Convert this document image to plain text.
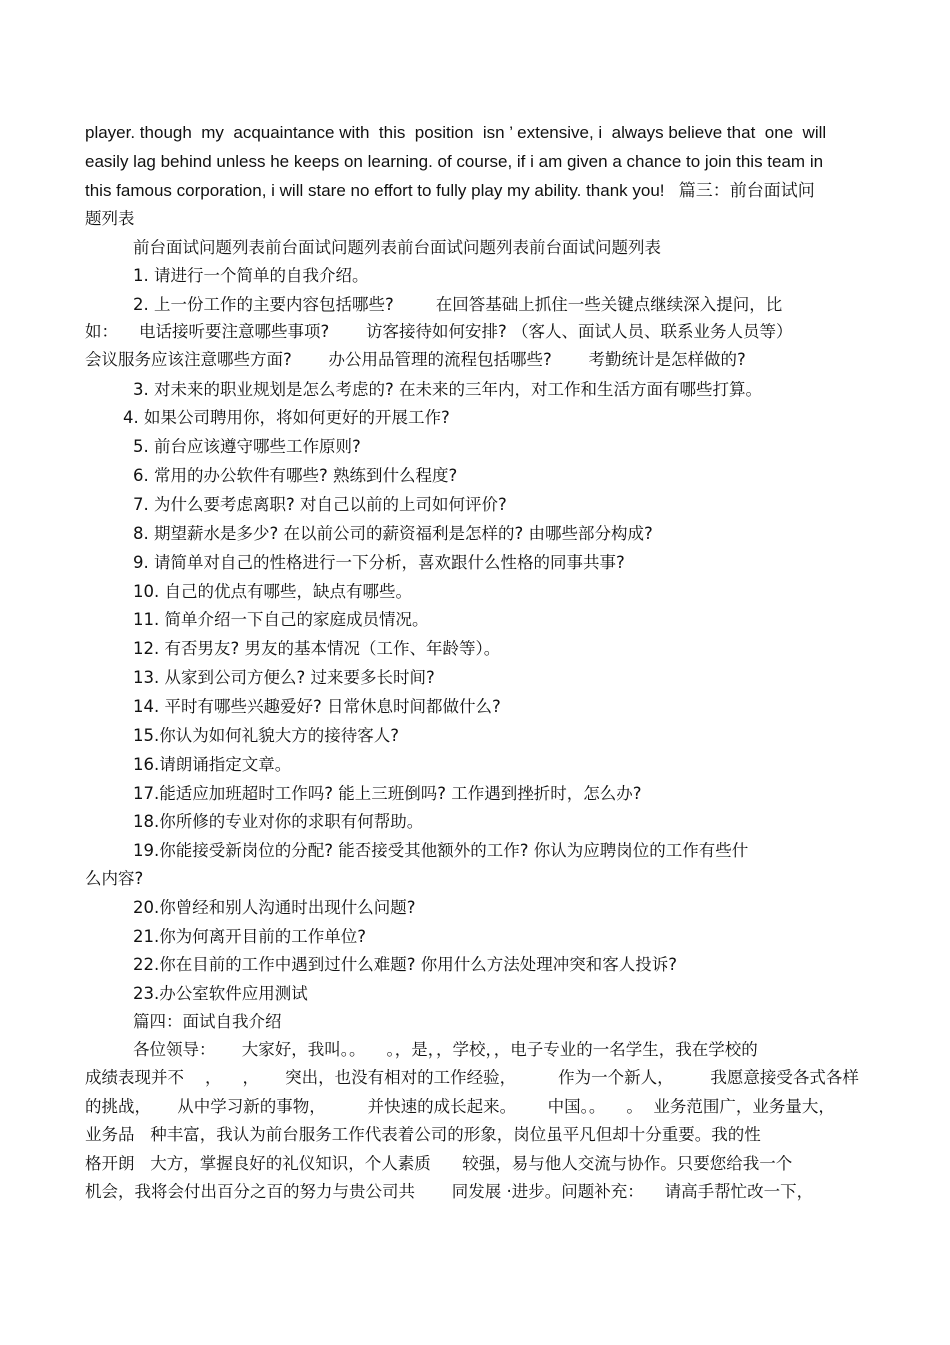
player. though  my  acquaintance with  this  position  isn ’ extensive, i  always believe that  one  will
easily lag behind unless he keeps on learning. of course, if i am given a chance to join this team in
this famous corporation, i will stare no effort to fully play my ability. thank you!   篇三：前台面试问
题列表
前台面试问题列表前台面试问题列表前台面试问题列表前台面试问题列表
1. 请进行一个简单的自我介绍。
2. 上一份工作的主要内容包括哪些?        在回答基础上抓住一些关键点继续深入提问，比
如：    电话接听要注意哪些事项?       访客接待如何安排? （客人、面试人员、联系业务人员等）
会议服务应该注意哪些方面?       办公用品管理的流程包括哪些?       考勤统计是怎样做的?
3. 对未来的职业规划是怎么考虑的? 在未来的三年内，对工作和生活方面有哪些打算。
4. 如果公司聘用你，将如何更好的开展工作?
5. 前台应该遵守哪些工作原则?
6. 常用的办公软件有哪些? 熟练到什么程度?
7. 为什么要考虑离职? 对自己以前的上司如何评价?
8. 期望薪水是多少? 在以前公司的薪资福利是怎样的? 由哪些部分构成?
9. 请简单对自己的性格进行一下分析，喜欢跟什么性格的同事共事?
10. 自己的优点有哪些，缺点有哪些。
11. 简单介绍一下自己的家庭成员情况。
12. 有否男友? 男友的基本情况（工作、年龄等）。
13. 从家到公司方便么? 过来要多长时间?
14. 平时有哪些兴趣爱好? 日常休息时间都做什么?
15.你认为如何礼貌大方的接待客人?
16.请朗诵指定文章。
17.能适应加班超时工作吗? 能上三班倒吗? 工作遇到挫折时，怎么办?
18.你所修的专业对你的求职有何帮助。
19.你能接受新岗位的分配? 能否接受其他额外的工作? 你认为应聘岗位的工作有些什
么内容?
20.你曾经和别人沟通时出现什么问题?
21.你为何离开目前的工作单位?
22.你在目前的工作中遇到过什么难题? 你用什么方法处理冲突和客人投诉?
23.办公室软件应用测试
篇四：面试自我介绍
各位领导：     大家好，我叫。。    。，是，，学校，，电子专业的一名学生，我在学校的
成绩表现并不    ，    ，     突出，也没有相对的工作经验，        作为一个新人，       我愿意接受各式各样
的挑战，     从中学习新的事物，        并快速的成长起来。      中国。。    。  业务范围广，业务量大，
业务品   种丰富，我认为前台服务工作代表着公司的形象，岗位虽平凡但却十分重要。我的性
格开朗   大方，掌握良好的礼仪知识，个人素质      较强，易与他人交流与协作。只要您给我一个
机会，我将会付出百分之百的努力与贵公司共       同发展 ·进步。问题补充：    请高手帮忙改一下，
